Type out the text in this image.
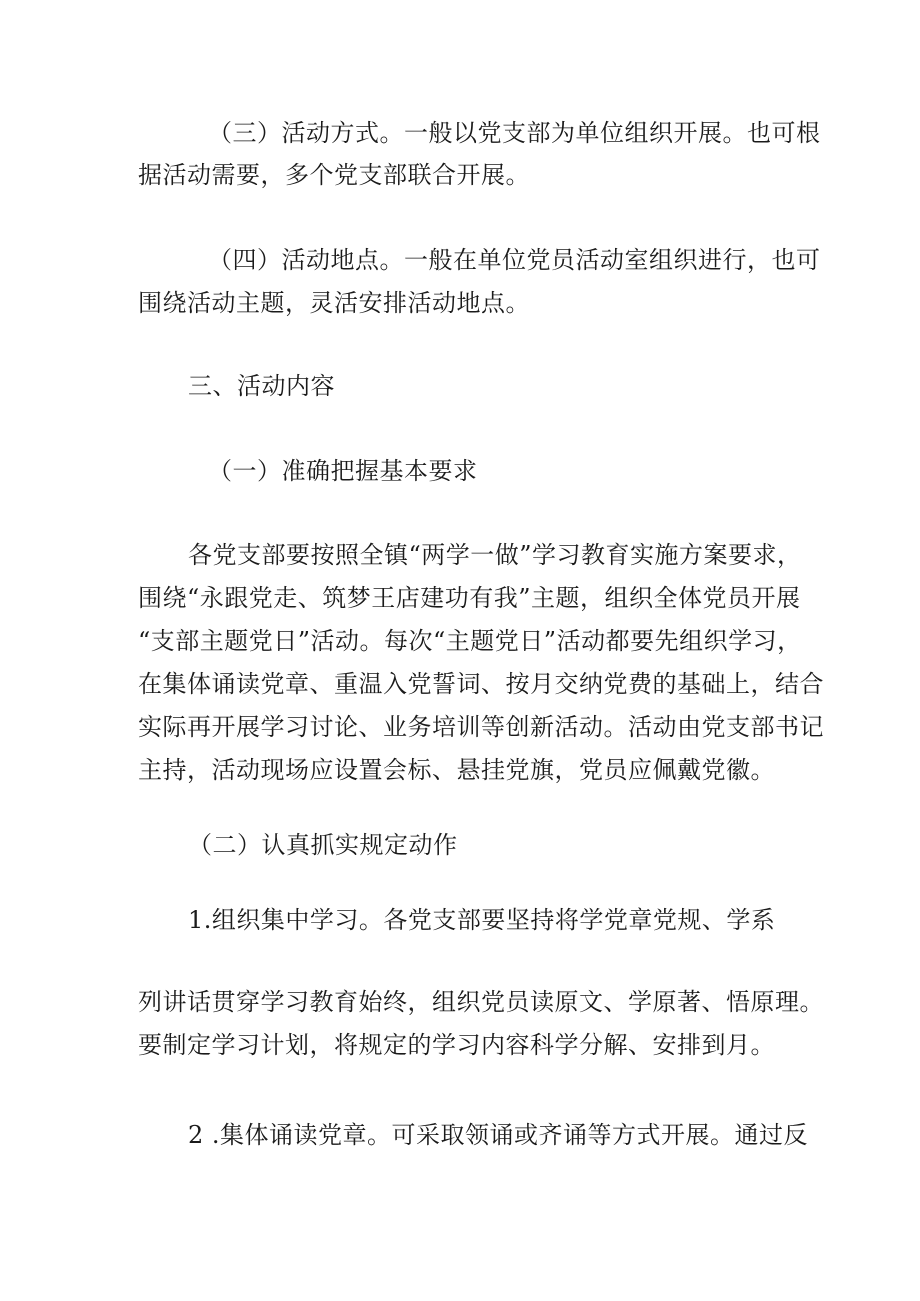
（三）活动方式。一般以党支部为单位组织开展。也可根

据活动需要，多个党支部联合开展。

（四）活动地点。一般在单位党员活动室组织进行，也可

围绕活动主题，灵活安排活动地点。

三、活动内容
（一）准确把握基本要求

各党支部要按照全镇“两学一做”学习教育实施方案要求，

围绕“永跟党走、筑梦王店建功有我”主题，组织全体党员开展

“支部主题党日”活动。每次“主题党日”活动都要先组织学习，

在集体诵读党章、重温入党誓词、按月交纳党费的基础上，结合

实际再开展学习讨论、业务培训等创新活动。活动由党支部书记

主持，活动现场应设置会标、悬挂党旗，党员应佩戴党徽。

（二）认真抓实规定动作

1.组织集中学习。各党支部要坚持将学党章党规、学系

列讲话贯穿学习教育始终，组织党员读原文、学原著、悟原理。

要制定学习计划，将规定的学习内容科学分解、安排到月。

2 .集体诵读党章。可采取领诵或齐诵等方式开展。通过反
